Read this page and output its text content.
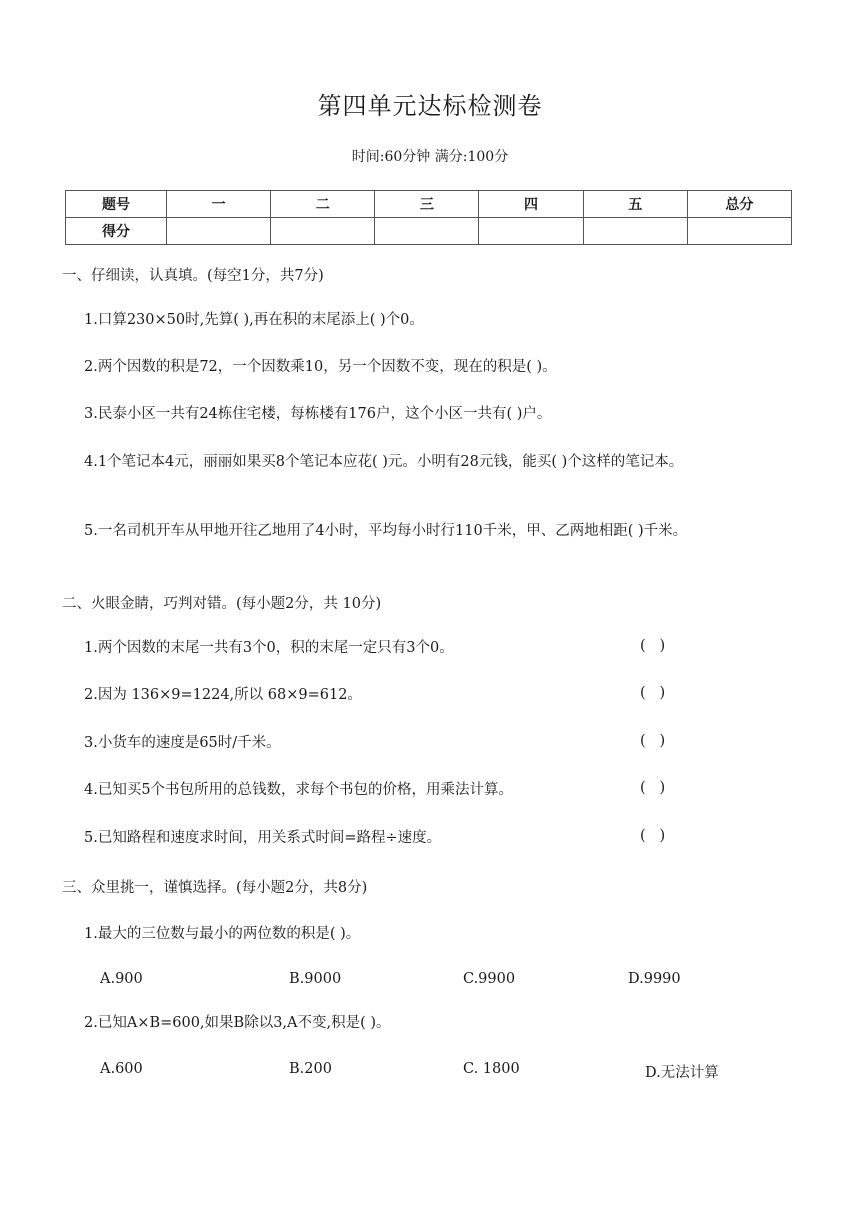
第四单元达标检测卷
时间:60分钟 满分:100分
题号	一	二	三	四	五	总分
得分						
一、仔细读，认真填。(每空1分，共7分)
1.口算230×50时,先算( ),再在积的末尾添上( )个0。
2.两个因数的积是72，一个因数乘10，另一个因数不变，现在的积是( )。
3.民泰小区一共有24栋住宅楼，每栋楼有176户，这个小区一共有( )户。
4.1个笔记本4元，丽丽如果买8个笔记本应花( )元。小明有28元钱，能买( )个这样的笔记本。
5.一名司机开车从甲地开往乙地用了4小时，平均每小时行110千米，甲、乙两地相距( )千米。
二、火眼金睛，巧判对错。(每小题2分，共 10分)
1.两个因数的末尾一共有3个0，积的末尾一定只有3个0。	(   )
2.因为 136×9=1224,所以 68×9=612。	(   )
3.小货车的速度是65时/千米。	(   )
4.已知买5个书包所用的总钱数，求每个书包的价格，用乘法计算。	(   )
5.已知路程和速度求时间，用关系式时间=路程÷速度。	(   )
三、众里挑一，谨慎选择。(每小题2分，共8分)
1.最大的三位数与最小的两位数的积是( )。
A.900	B.9000	C.9900	D.9990
2.已知A×B=600,如果B除以3,A不变,积是( )。
A.600	B.200	C. 1800	D.无法计算
